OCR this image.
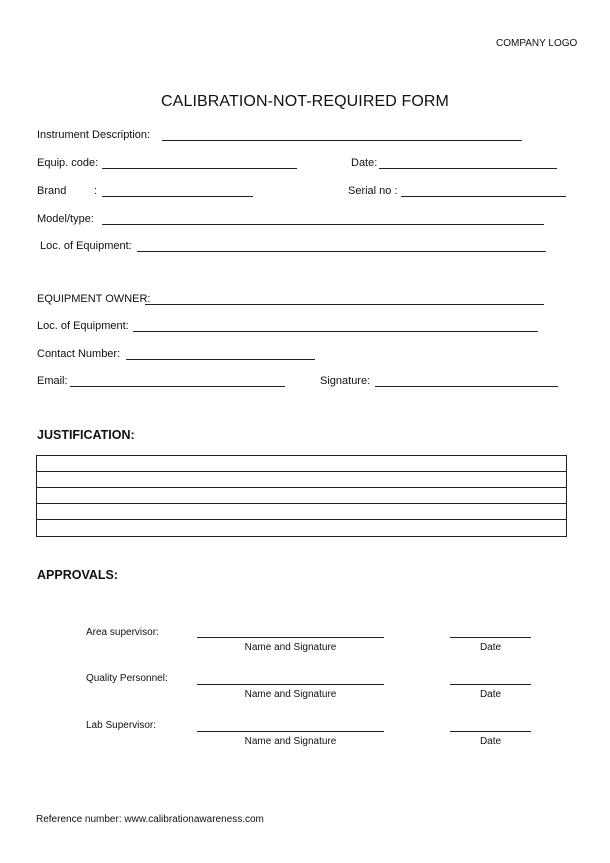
COMPANY LOGO
CALIBRATION-NOT-REQUIRED FORM
Instrument Description:
Equip. code:	Date:
Brand	:	Serial no :
Model/type:
Loc. of Equipment:
EQUIPMENT OWNER:
Loc. of Equipment:
Contact Number:
Email:	Signature:
JUSTIFICATION:
APPROVALS:
Area supervisor:
Name and Signature	Date
Quality Personnel:
Name and Signature	Date
Lab Supervisor:
Name and Signature	Date
Reference number: www.calibrationawareness.com
